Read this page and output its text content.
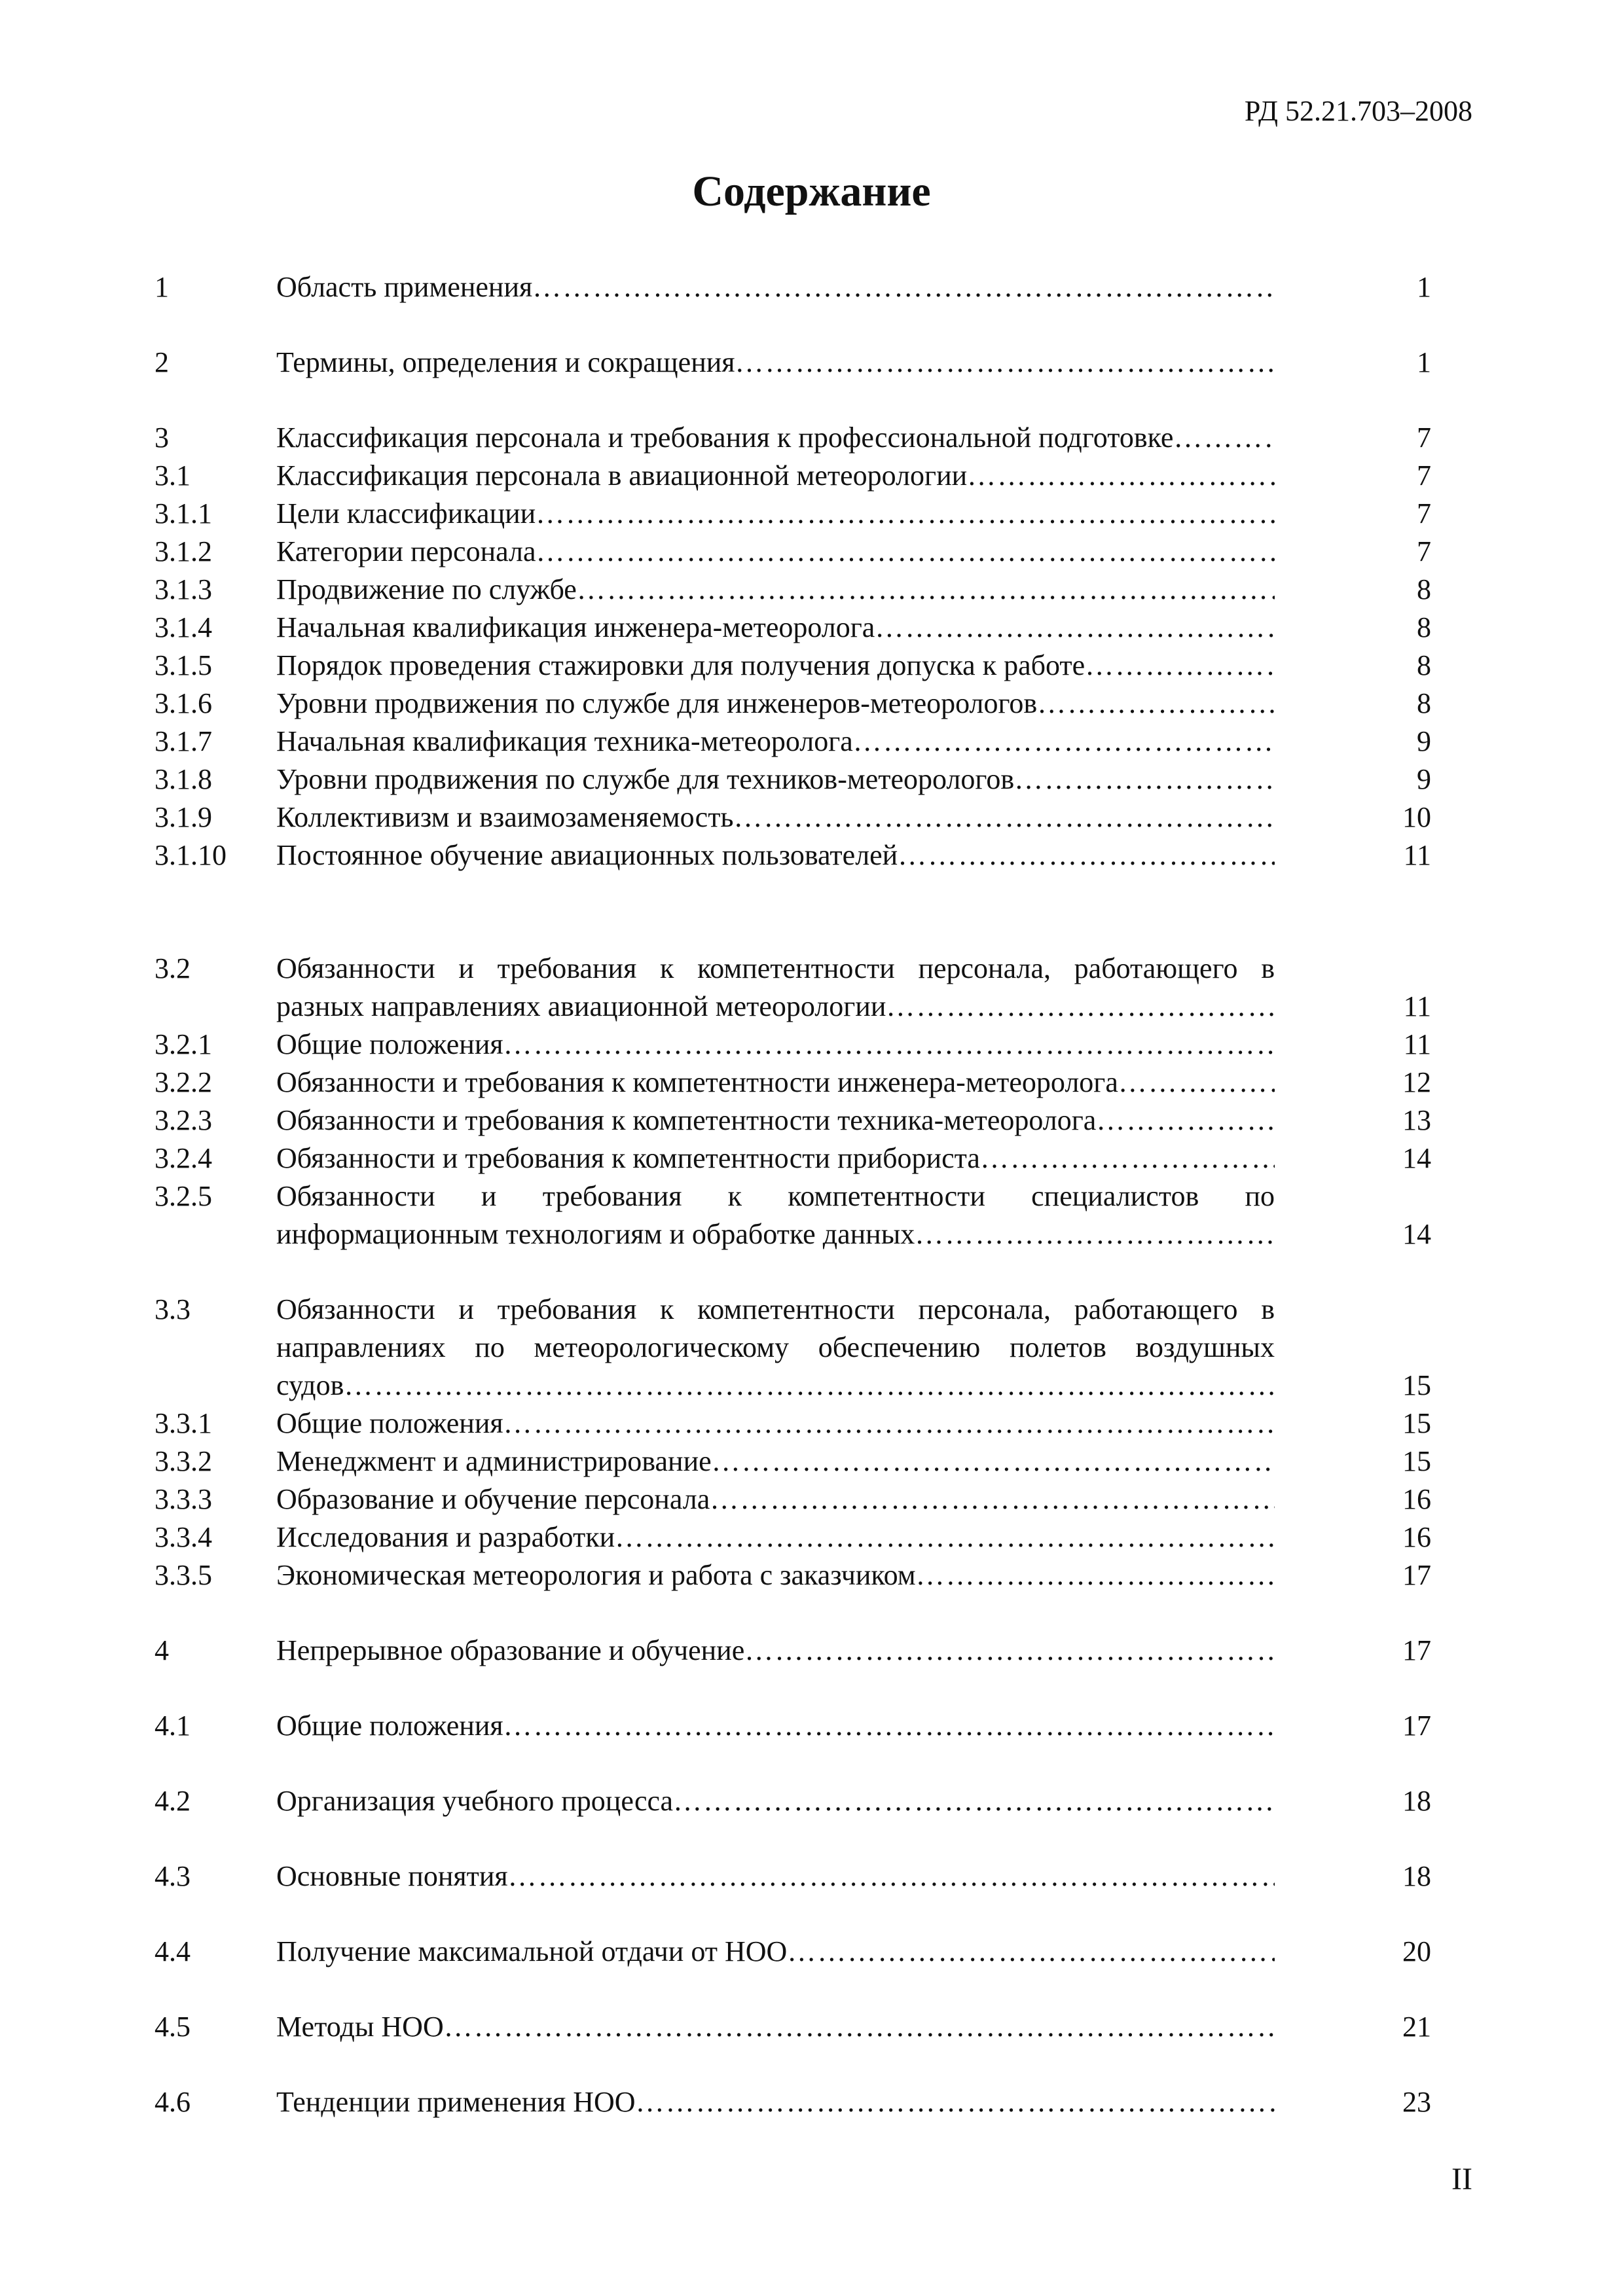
РД 52.21.703–2008
Содержание
1	Область применения …………………………………………………………………………………………………………………………………………………………	1
2	Термины, определения и сокращения …………………………………………………………………………………………………………………………………………………………	1
3	Классификация персонала и требования к профессиональной подготовке …………………………………………………………………………………………………………………………………………………………	7
3.1	Классификация персонала в авиационной метеорологии …………………………………………………………………………………………………………………………………………………………	7
3.1.1 Цели классификации …………………………………………………………………………………………………………………………………………………………	7
3.1.2 Категории персонала …………………………………………………………………………………………………………………………………………………………	7
3.1.3 Продвижение по службе …………………………………………………………………………………………………………………………………………………………	8
3.1.4 Начальная квалификация инженера-метеоролога …………………………………………………………………………………………………………………………………………………………	8
3.1.5 Порядок проведения стажировки для получения допуска к работе …………………………………………………………………………………………………………………………………………………………	8
3.1.6 Уровни продвижения по службе для инженеров-метеорологов …………………………………………………………………………………………………………………………………………………………	8
3.1.7 Начальная квалификация техника-метеоролога …………………………………………………………………………………………………………………………………………………………	9
3.1.8 Уровни продвижения по службе для техников-метеорологов …………………………………………………………………………………………………………………………………………………………	9
3.1.9 Коллективизм и взаимозаменяемость …………………………………………………………………………………………………………………………………………………………	10
3.1.10 Постоянное обучение авиационных пользователей …………………………………………………………………………………………………………………………………………………………	11
3.2	Обязанности и требования к компетентности персонала, работающего в
разных направлениях авиационной метеорологии …………………………………………………………………………………………………………………………………………………………	11
3.2.1 Общие положения …………………………………………………………………………………………………………………………………………………………	11
3.2.2 Обязанности и требования к компетентности инженера-метеоролога …………………………………………………………………………………………………………………………………………………………	12
3.2.3 Обязанности и требования к компетентности техника-метеоролога …………………………………………………………………………………………………………………………………………………………	13
3.2.4 Обязанности и требования к компетентности прибориста …………………………………………………………………………………………………………………………………………………………	14
3.2.5 Обязанности и требования к компетентности специалистов по
информационным технологиям и обработке данных …………………………………………………………………………………………………………………………………………………………	14
3.3	Обязанности и требования к компетентности персонала, работающего в
направлениях по метеорологическому обеспечению полетов воздушных
судов …………………………………………………………………………………………………………………………………………………………	15
3.3.1 Общие положения …………………………………………………………………………………………………………………………………………………………	15
3.3.2 Менеджмент и администрирование …………………………………………………………………………………………………………………………………………………………	15
3.3.3 Образование и обучение персонала …………………………………………………………………………………………………………………………………………………………	16
3.3.4 Исследования и разработки …………………………………………………………………………………………………………………………………………………………	16
3.3.5 Экономическая метеорология и работа с заказчиком …………………………………………………………………………………………………………………………………………………………	17
4	Непрерывное образование и обучение …………………………………………………………………………………………………………………………………………………………	17
4.1	Общие положения …………………………………………………………………………………………………………………………………………………………	17
4.2	Организация учебного процесса …………………………………………………………………………………………………………………………………………………………	18
4.3	Основные понятия …………………………………………………………………………………………………………………………………………………………	18
4.4	Получение максимальной отдачи от НОО …………………………………………………………………………………………………………………………………………………………	20
4.5	Методы НОО …………………………………………………………………………………………………………………………………………………………	21
4.6	Тенденции применения НОО …………………………………………………………………………………………………………………………………………………………	23
II
